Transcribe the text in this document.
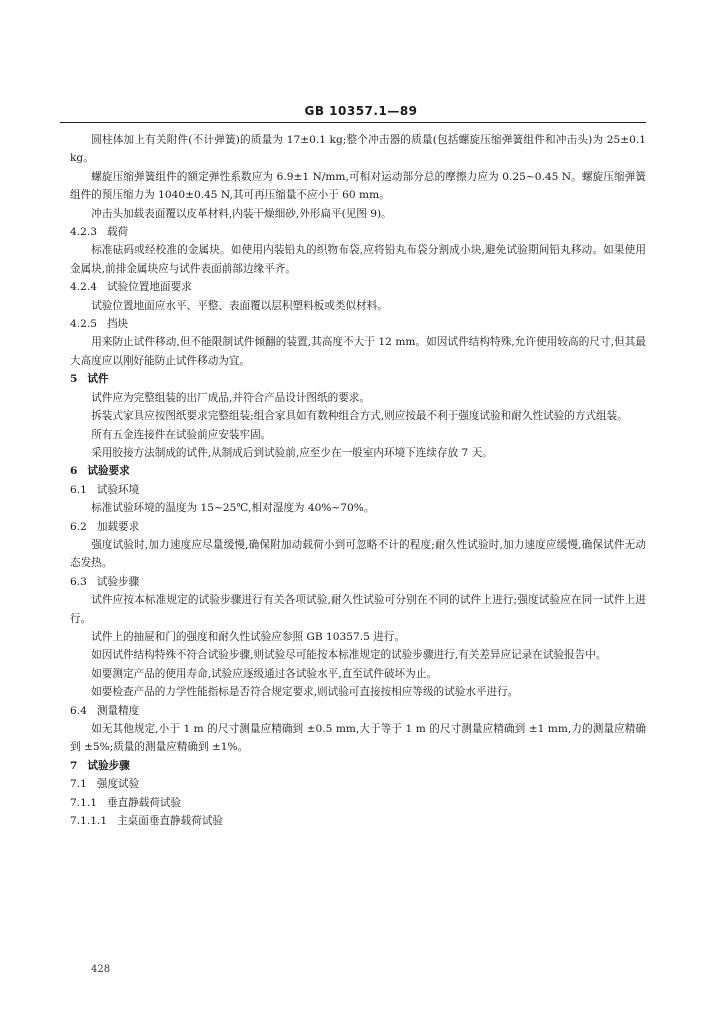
GB 10357.1—89

圆柱体加上有关附件(不计弹簧)的质量为 17±0.1 kg;整个冲击器的质量(包括螺旋压缩弹簧组件和冲击头)为 25±0.1 kg。

螺旋压缩弹簧组件的额定弹性系数应为 6.9±1 N/mm,可相对运动部分总的摩擦力应为 0.25~0.45 N。螺旋压缩弹簧组件的预压缩力为 1040±0.45 N,其可再压缩量不应小于 60 mm。

冲击头加载表面覆以皮革材料,内装干燥细砂,外形扁平(见图 9)。

4.2.3 载荷

标准砝码或经校准的金属块。如使用内装铅丸的织物布袋,应将铅丸布袋分割成小块,避免试验期间铅丸移动。如果使用金属块,前排金属块应与试件表面前部边缘平齐。

4.2.4 试验位置地面要求

试验位置地面应水平、平整、表面覆以层积塑料板或类似材料。

4.2.5 挡块

用来防止试件移动,但不能限制试件倾翻的装置,其高度不大于 12 mm。如因试件结构特殊,允许使用较高的尺寸,但其最大高度应以刚好能防止试件移动为宜。

5 试件

试件应为完整组装的出厂成品,并符合产品设计图纸的要求。

拆装式家具应按图纸要求完整组装;组合家具如有数种组合方式,则应按最不利于强度试验和耐久性试验的方式组装。

所有五金连接件在试验前应安装牢固。

采用胶接方法制成的试件,从制成后到试验前,应至少在一般室内环境下连续存放 7 天。

6 试验要求

6.1 试验环境

标准试验环境的温度为 15~25℃,相对湿度为 40%~70%。

6.2 加载要求

强度试验时,加力速度应尽量缓慢,确保附加动载荷小到可忽略不计的程度;耐久性试验时,加力速度应缓慢,确保试件无动态发热。

6.3 试验步骤

试件应按本标准规定的试验步骤进行有关各项试验,耐久性试验可分别在不同的试件上进行;强度试验应在同一试件上进行。

试件上的抽屉和门的强度和耐久性试验应参照 GB 10357.5 进行。

如因试件结构特殊不符合试验步骤,则试验尽可能按本标准规定的试验步骤进行,有关差异应记录在试验报告中。

如要测定产品的使用寿命,试验应逐级通过各试验水平,直至试件破坏为止。

如要检查产品的力学性能指标是否符合规定要求,则试验可直接按相应等级的试验水平进行。

6.4 测量精度

如无其他规定,小于 1 m 的尺寸测量应精确到 ±0.5 mm,大于等于 1 m 的尺寸测量应精确到 ±1 mm,力的测量应精确到 ±5%;质量的测量应精确到 ±1%。

7 试验步骤

7.1 强度试验

7.1.1 垂直静载荷试验

7.1.1.1 主桌面垂直静载荷试验

428
